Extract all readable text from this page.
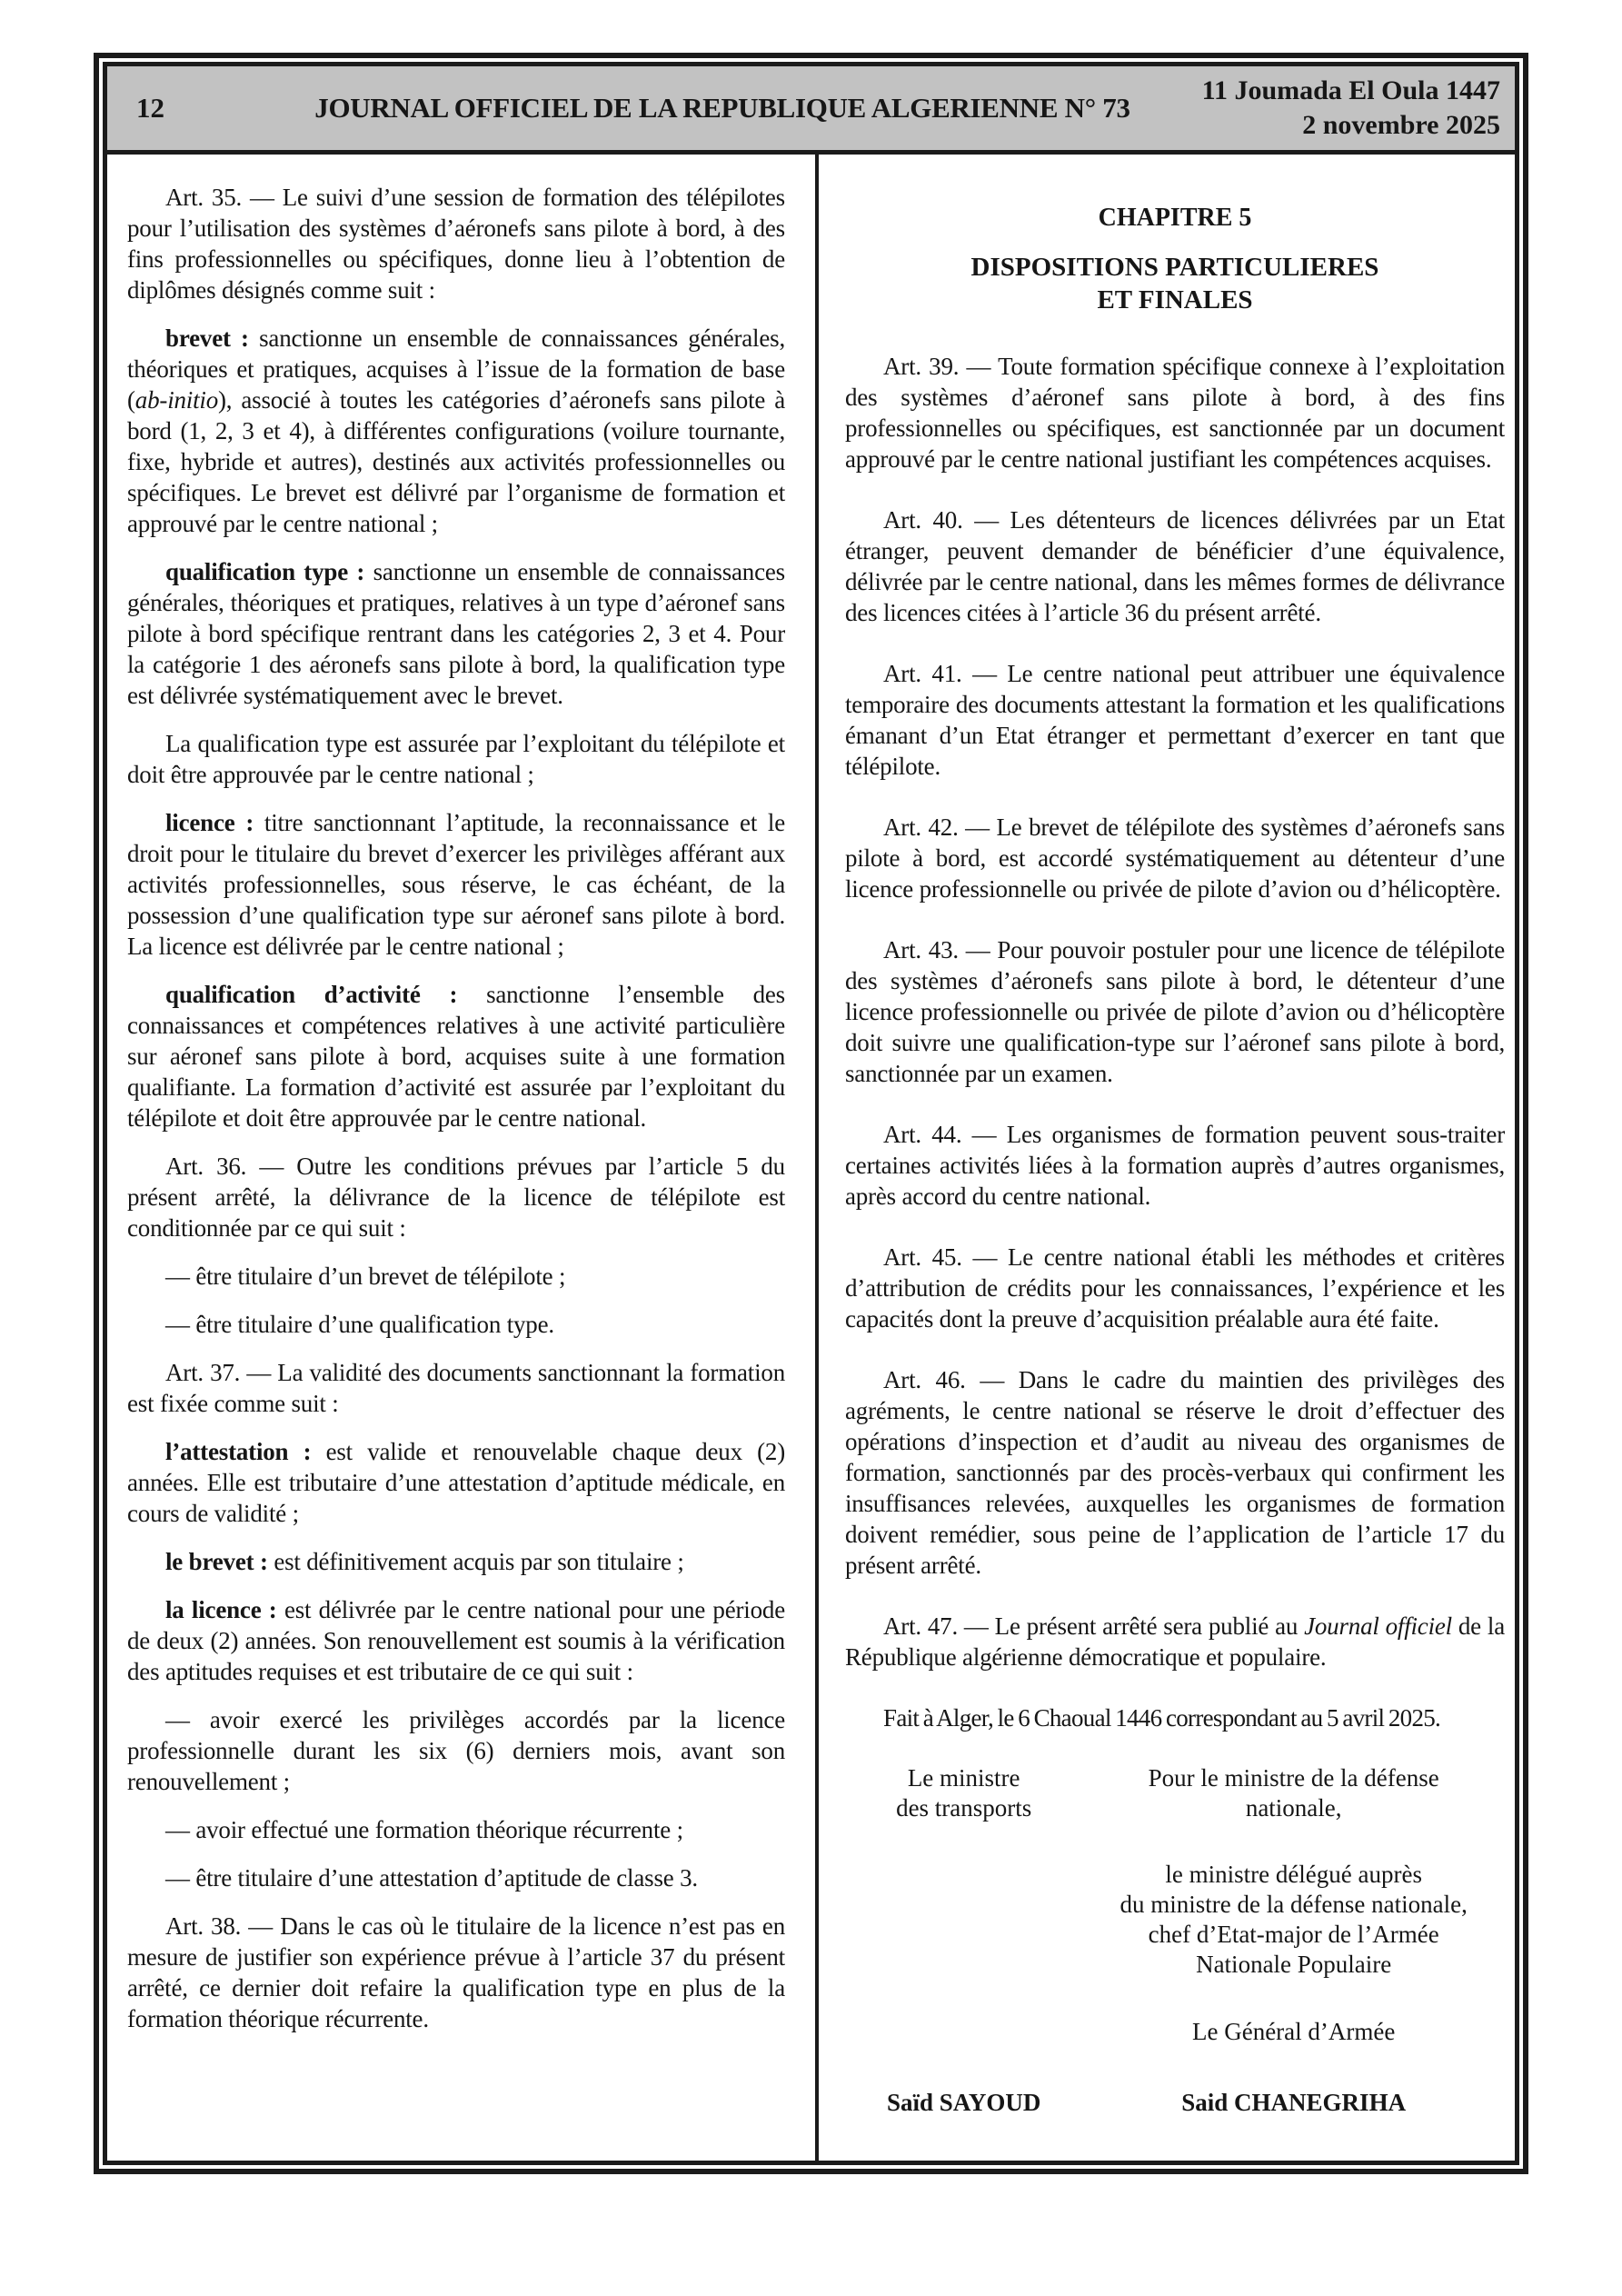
12	JOURNAL OFFICIEL DE LA REPUBLIQUE ALGERIENNE N° 73
11 Joumada El Oula 1447
2 novembre 2025

Art. 35. — Le suivi d’une session de formation des télépilotes pour l’utilisation des systèmes d’aéronefs sans pilote à bord, à des fins professionnelles ou spécifiques, donne lieu à l’obtention de diplômes désignés comme suit :

brevet : sanctionne un ensemble de connaissances générales, théoriques et pratiques, acquises à l’issue de la formation de base (ab-initio), associé à toutes les catégories d’aéronefs sans pilote à bord (1, 2, 3 et 4), à différentes configurations (voilure tournante, fixe, hybride et autres), destinés aux activités professionnelles ou spécifiques. Le brevet est délivré par l’organisme de formation et approuvé par le centre national ;

qualification type : sanctionne un ensemble de connaissances générales, théoriques et pratiques, relatives à un type d’aéronef sans pilote à bord spécifique rentrant dans les catégories 2, 3 et 4. Pour la catégorie 1 des aéronefs sans pilote à bord, la qualification type est délivrée systématiquement avec le brevet.

La qualification type est assurée par l’exploitant du télépilote et doit être approuvée par le centre national ;

licence : titre sanctionnant l’aptitude, la reconnaissance et le droit pour le titulaire du brevet d’exercer les privilèges afférant aux activités professionnelles, sous réserve, le cas échéant, de la possession d’une qualification type sur aéronef sans pilote à bord. La licence est délivrée par le centre national ;

qualification d’activité : sanctionne l’ensemble des connaissances et compétences relatives à une activité particulière sur aéronef sans pilote à bord, acquises suite à une formation qualifiante. La formation d’activité est assurée par l’exploitant du télépilote et doit être approuvée par le centre national.

Art. 36. — Outre les conditions prévues par l’article 5 du présent arrêté, la délivrance de la licence de télépilote est conditionnée par ce qui suit :

— être titulaire d’un brevet de télépilote ;

— être titulaire d’une qualification type.

Art. 37. — La validité des documents sanctionnant la formation est fixée comme suit :

l’attestation : est valide et renouvelable chaque deux (2) années. Elle est tributaire d’une attestation d’aptitude médicale, en cours de validité ;

le brevet : est définitivement acquis par son titulaire ;

la licence : est délivrée par le centre national pour une période de deux (2) années. Son renouvellement est soumis à la vérification des aptitudes requises et est tributaire de ce qui suit :

— avoir exercé les privilèges accordés par la licence professionnelle durant les six (6) derniers mois, avant son renouvellement ;

— avoir effectué une formation théorique récurrente ;

— être titulaire d’une attestation d’aptitude de classe 3.

Art. 38. — Dans le cas où le titulaire de la licence n’est pas en mesure de justifier son expérience prévue à l’article 37 du présent arrêté, ce dernier doit refaire la qualification type en plus de la formation théorique récurrente.

CHAPITRE 5
DISPOSITIONS PARTICULIERES
ET FINALES

Art. 39. — Toute formation spécifique connexe à l’exploitation des systèmes d’aéronef sans pilote à bord, à des fins professionnelles ou spécifiques, est sanctionnée par un document approuvé par le centre national justifiant les compétences acquises.

Art. 40. — Les détenteurs de licences délivrées par un Etat étranger, peuvent demander de bénéficier d’une équivalence, délivrée par le centre national, dans les mêmes formes de délivrance des licences citées à l’article 36 du présent arrêté.

Art. 41. — Le centre national peut attribuer une équivalence temporaire des documents attestant la formation et les qualifications émanant d’un Etat étranger et permettant d’exercer en tant que télépilote.

Art. 42. — Le brevet de télépilote des systèmes d’aéronefs sans pilote à bord, est accordé systématiquement au détenteur d’une licence professionnelle ou privée de pilote d’avion ou d’hélicoptère.

Art. 43. — Pour pouvoir postuler pour une licence de télépilote des systèmes d’aéronefs sans pilote à bord, le détenteur d’une licence professionnelle ou privée de pilote d’avion ou d’hélicoptère doit suivre une qualification-type sur l’aéronef sans pilote à bord, sanctionnée par un examen.

Art. 44. — Les organismes de formation peuvent sous-traiter certaines activités liées à la formation auprès d’autres organismes, après accord du centre national.

Art. 45. — Le centre national établi les méthodes et critères d’attribution de crédits pour les connaissances, l’expérience et les capacités dont la preuve d’acquisition préalable aura été faite.

Art. 46. — Dans le cadre du maintien des privilèges des agréments, le centre national se réserve le droit d’effectuer des opérations d’inspection et d’audit au niveau des organismes de formation, sanctionnés par des procès-verbaux qui confirment les insuffisances relevées, auxquelles les organismes de formation doivent remédier, sous peine de l’application de l’article 17 du présent arrêté.

Art. 47. — Le présent arrêté sera publié au Journal officiel de la République algérienne démocratique et populaire.

Fait à Alger, le 6 Chaoual 1446 correspondant au 5 avril 2025.

Le ministre
des transports
Pour le ministre de la défense
nationale,
le ministre délégué auprès
du ministre de la défense nationale,
chef d’Etat-major de l’Armée
Nationale Populaire
Le Général d’Armée
Saïd SAYOUD	Said CHANEGRIHA
